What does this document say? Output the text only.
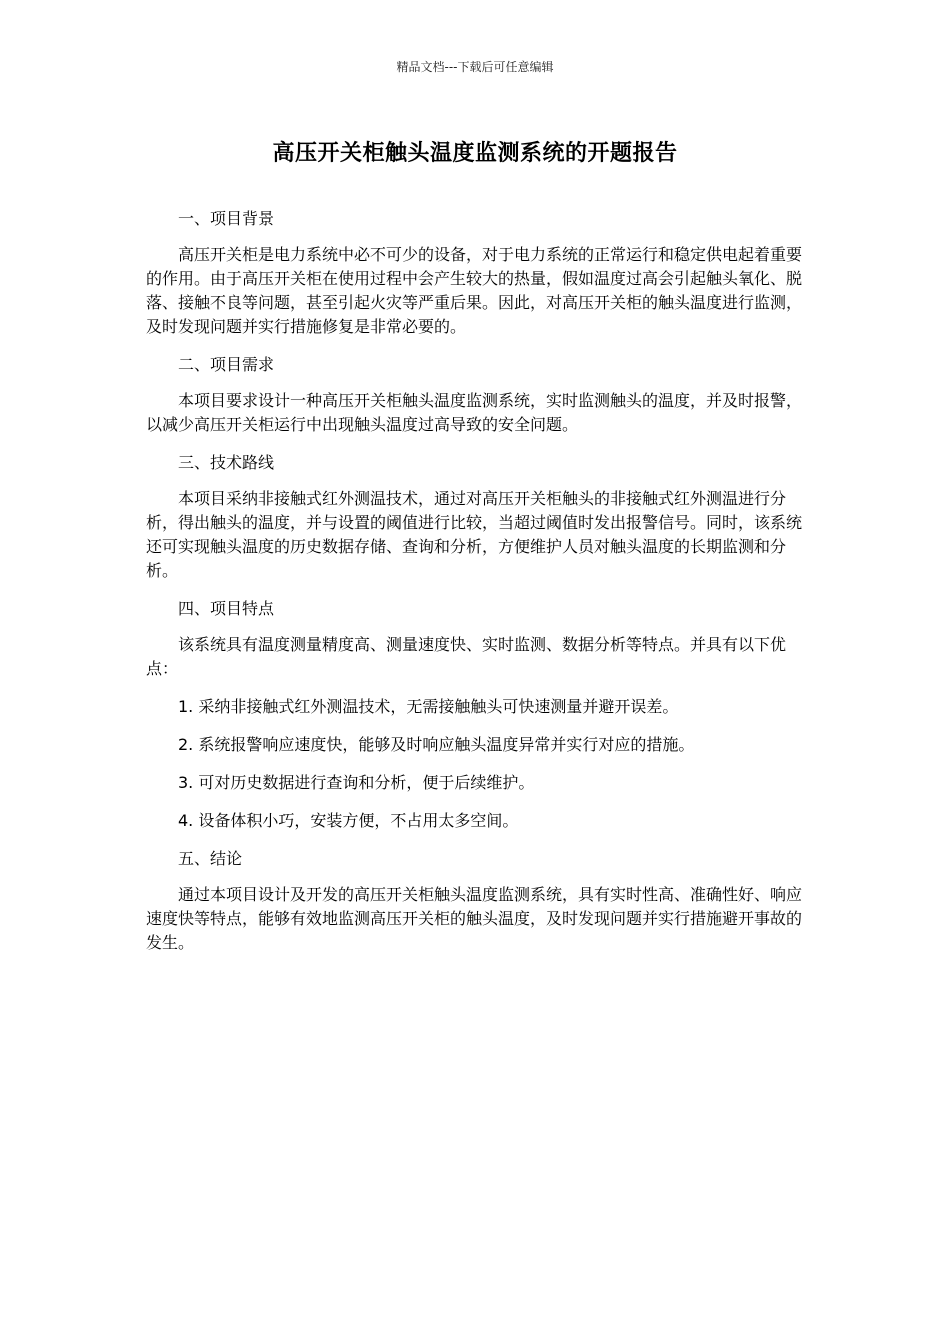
精品文档---下载后可任意编辑
高压开关柜触头温度监测系统的开题报告

一、项目背景

高压开关柜是电力系统中必不可少的设备，对于电力系统的正常运行和稳定供电起着重要的作用。由于高压开关柜在使用过程中会产生较大的热量，假如温度过高会引起触头氧化、脱落、接触不良等问题，甚至引起火灾等严重后果。因此，对高压开关柜的触头温度进行监测，及时发现问题并实行措施修复是非常必要的。

二、项目需求

本项目要求设计一种高压开关柜触头温度监测系统，实时监测触头的温度，并及时报警，以减少高压开关柜运行中出现触头温度过高导致的安全问题。

三、技术路线

本项目采纳非接触式红外测温技术，通过对高压开关柜触头的非接触式红外测温进行分析，得出触头的温度，并与设置的阈值进行比较，当超过阈值时发出报警信号。同时，该系统还可实现触头温度的历史数据存储、查询和分析，方便维护人员对触头温度的长期监测和分析。

四、项目特点

该系统具有温度测量精度高、测量速度快、实时监测、数据分析等特点。并具有以下优点：

1. 采纳非接触式红外测温技术，无需接触触头可快速测量并避开误差。

2. 系统报警响应速度快，能够及时响应触头温度异常并实行对应的措施。

3. 可对历史数据进行查询和分析，便于后续维护。

4. 设备体积小巧，安装方便，不占用太多空间。

五、结论

通过本项目设计及开发的高压开关柜触头温度监测系统，具有实时性高、准确性好、响应速度快等特点，能够有效地监测高压开关柜的触头温度，及时发现问题并实行措施避开事故的发生。
